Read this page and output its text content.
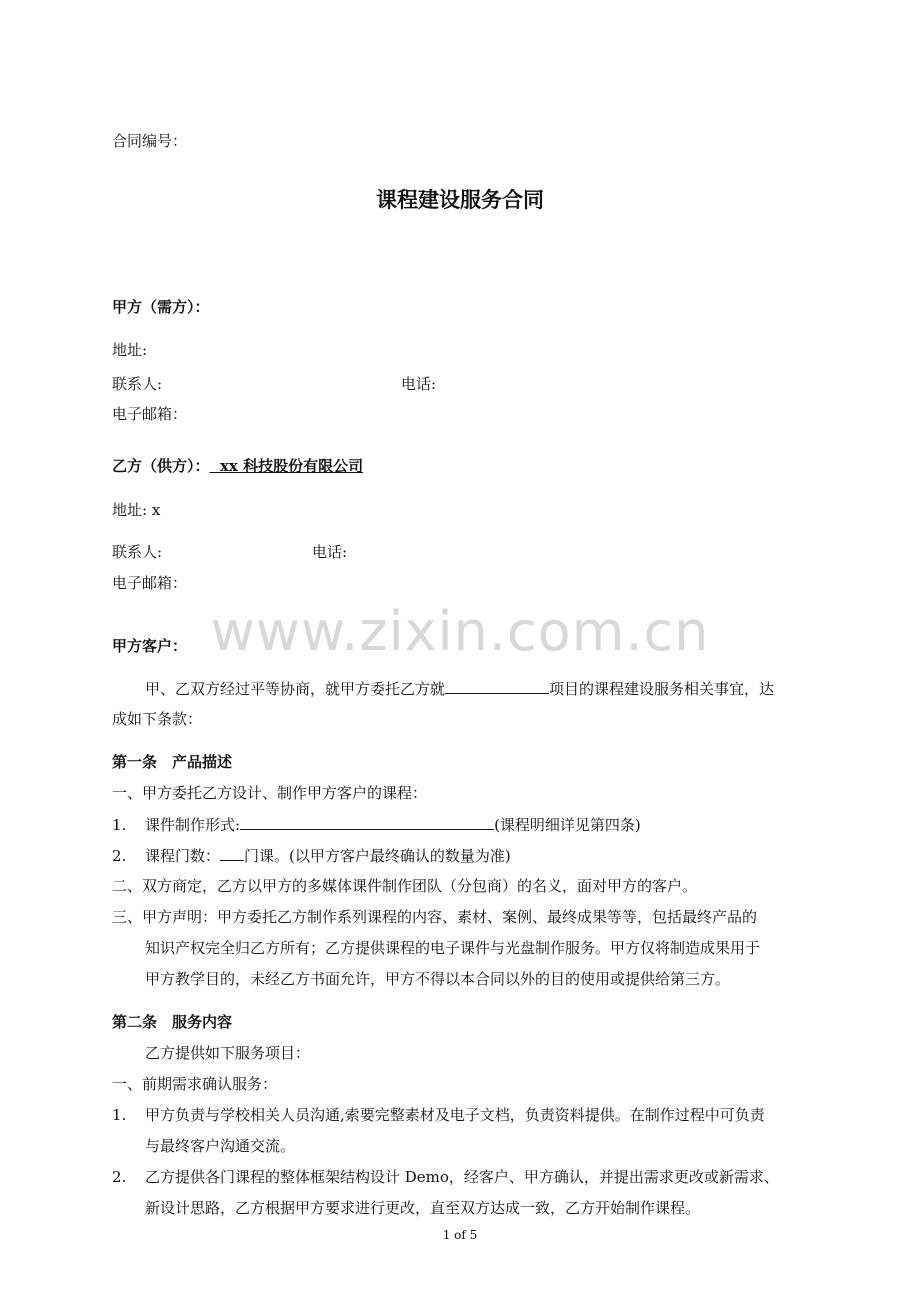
合同编号：
课程建设服务合同
甲方（需方）：
地址:
联系人:	电话:
电子邮箱：
乙方（供方）：  xx 科技股份有限公司
地址: x
联系人:	电话:
电子邮箱：
www.zixin.com.cn
甲方客户：
甲、乙双方经过平等协商，就甲方委托乙方就	项目的课程建设服务相关事宜，达
成如下条款：
第一条　产品描述
一、甲方委托乙方设计、制作甲方客户的课程：
1. 课件制作形式:	(课程明细详见第四条)
2. 课程门数： 门课。(以甲方客户最终确认的数量为准)
二、双方商定，乙方以甲方的多媒体课件制作团队（分包商）的名义，面对甲方的客户。
三、甲方声明：甲方委托乙方制作系列课程的内容、素材、案例、最终成果等等，包括最终产品的
知识产权完全归乙方所有；乙方提供课程的电子课件与光盘制作服务。甲方仅将制造成果用于
甲方教学目的，未经乙方书面允许，甲方不得以本合同以外的目的使用或提供给第三方。
第二条　服务内容
乙方提供如下服务项目：
一、前期需求确认服务：
1. 甲方负责与学校相关人员沟通,索要完整素材及电子文档，负责资料提供。在制作过程中可负责
与最终客户沟通交流。
2. 乙方提供各门课程的整体框架结构设计 Demo，经客户、甲方确认，并提出需求更改或新需求、
新设计思路，乙方根据甲方要求进行更改，直至双方达成一致，乙方开始制作课程。
1 of 5
